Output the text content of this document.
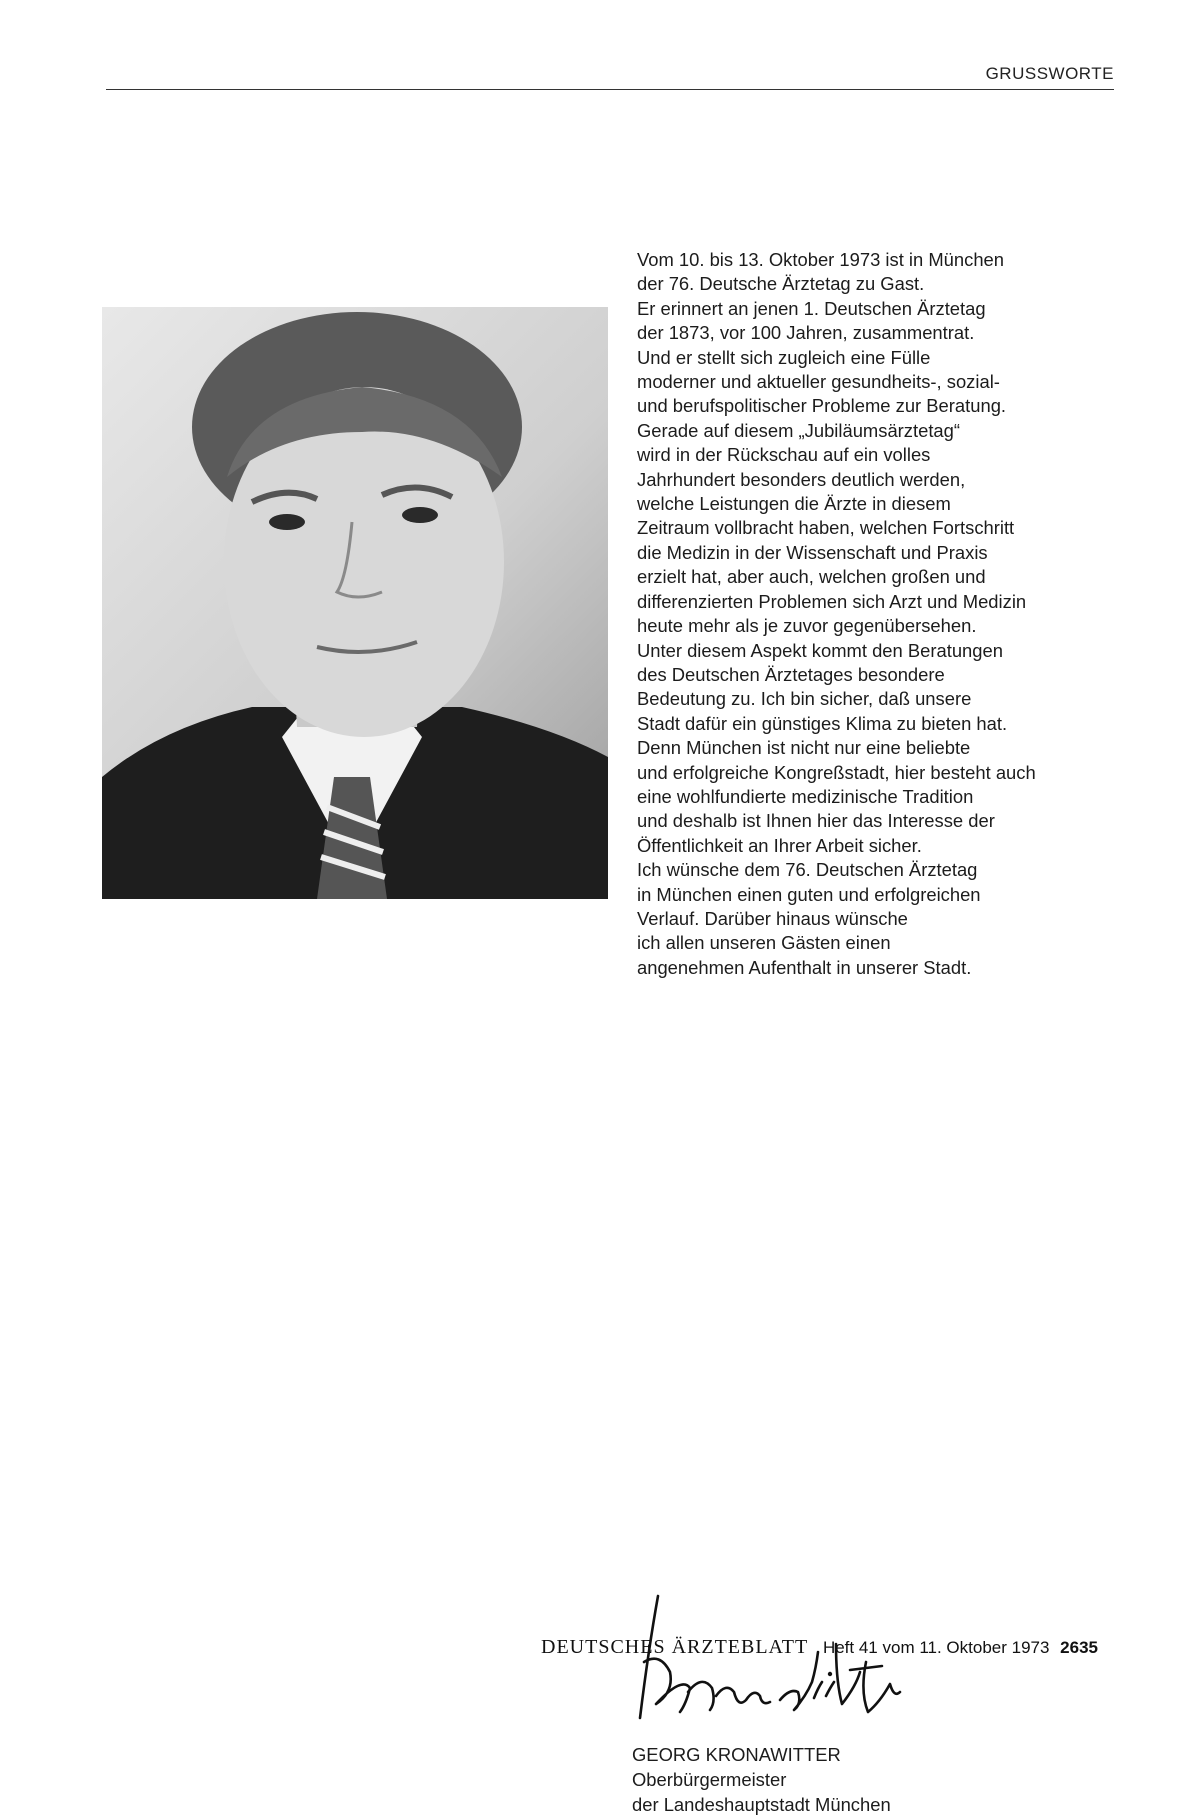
GRUSSWORTE
Vom 10. bis 13. Oktober 1973 ist in München
der 76. Deutsche Ärztetag zu Gast.
Er erinnert an jenen 1. Deutschen Ärztetag
der 1873, vor 100 Jahren, zusammentrat.
Und er stellt sich zugleich eine Fülle
moderner und aktueller gesundheits-, sozial-
und berufspolitischer Probleme zur Beratung.
Gerade auf diesem „Jubiläumsärztetag“
wird in der Rückschau auf ein volles
Jahrhundert besonders deutlich werden,
welche Leistungen die Ärzte in diesem
Zeitraum vollbracht haben, welchen Fortschritt
die Medizin in der Wissenschaft und Praxis
erzielt hat, aber auch, welchen großen und
differenzierten Problemen sich Arzt und Medizin
heute mehr als je zuvor gegenübersehen.
Unter diesem Aspekt kommt den Beratungen
des Deutschen Ärztetages besondere
Bedeutung zu. Ich bin sicher, daß unsere
Stadt dafür ein günstiges Klima zu bieten hat.
Denn München ist nicht nur eine beliebte
und erfolgreiche Kongreßstadt, hier besteht auch
eine wohlfundierte medizinische Tradition
und deshalb ist Ihnen hier das Interesse der
Öffentlichkeit an Ihrer Arbeit sicher.
Ich wünsche dem 76. Deutschen Ärztetag
in München einen guten und erfolgreichen
Verlauf. Darüber hinaus wünsche
ich allen unseren Gästen einen
angenehmen Aufenthalt in unserer Stadt.
GEORG KRONAWITTER
Oberbürgermeister
der Landeshauptstadt München
DEUTSCHES ÄRZTEBLATT Heft 41 vom 11. Oktober 1973 2635
